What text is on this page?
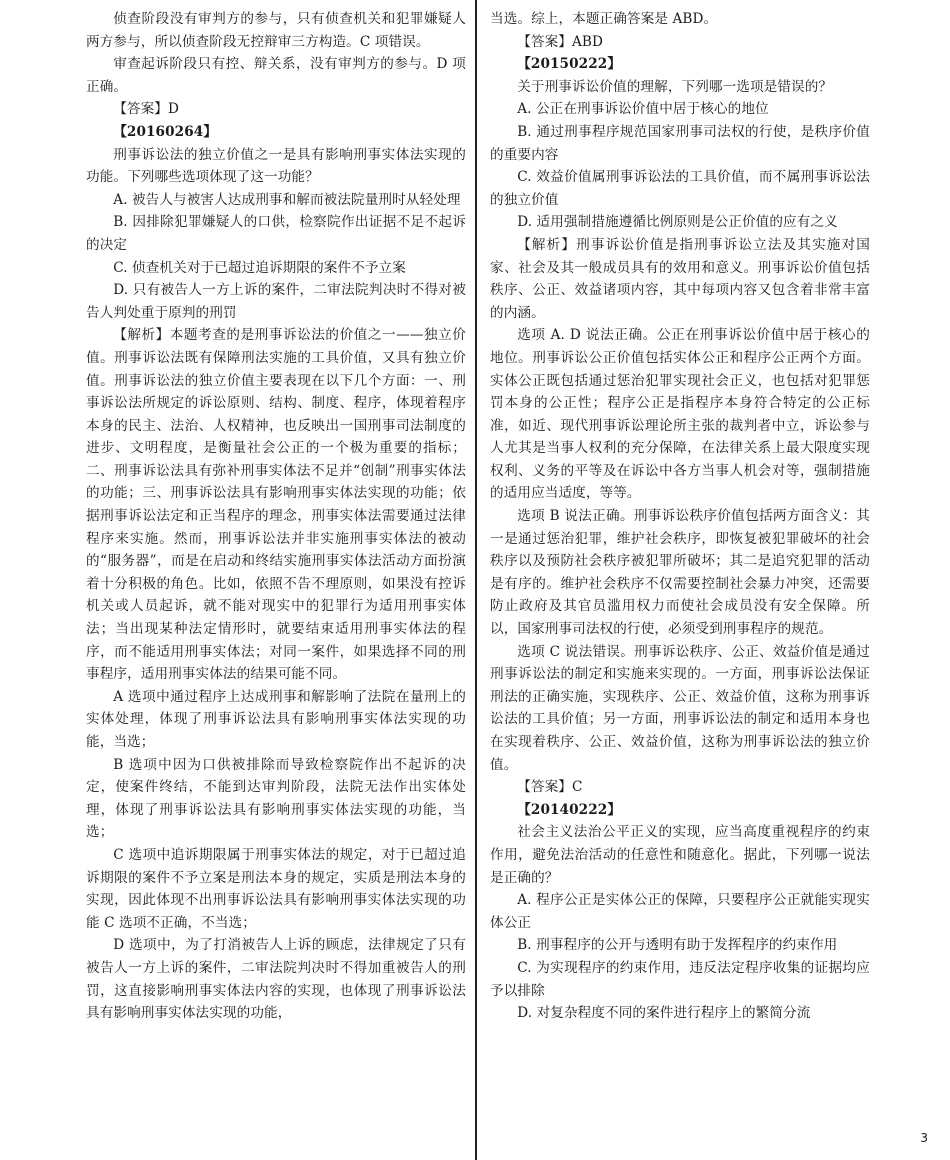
侦查阶段没有审判方的参与，只有侦查机关和犯罪嫌疑人两方参与，所以侦查阶段无控辩审三方构造。C 项错误。

审查起诉阶段只有控、辩关系，没有审判方的参与。D 项正确。

【答案】D

【20160264】

刑事诉讼法的独立价值之一是具有影响刑事实体法实现的功能。下列哪些选项体现了这一功能？

A. 被告人与被害人达成刑事和解而被法院量刑时从轻处理

B. 因排除犯罪嫌疑人的口供，检察院作出证据不足不起诉的决定

C. 侦查机关对于已超过追诉期限的案件不予立案

D. 只有被告人一方上诉的案件，二审法院判决时不得对被告人判处重于原判的刑罚

【解析】本题考查的是刑事诉讼法的价值之一——独立价值。刑事诉讼法既有保障刑法实施的工具价值，又具有独立价值。刑事诉讼法的独立价值主要表现在以下几个方面：一、刑事诉讼法所规定的诉讼原则、结构、制度、程序，体现着程序本身的民主、法治、人权精神，也反映出一国刑事司法制度的进步、文明程度，是衡量社会公正的一个极为重要的指标；二、刑事诉讼法具有弥补刑事实体法不足并“创制”刑事实体法的功能；三、刑事诉讼法具有影响刑事实体法实现的功能；依据刑事诉讼法定和正当程序的理念，刑事实体法需要通过法律程序来实施。然而，刑事诉讼法并非实施刑事实体法的被动的“服务器”，而是在启动和终结实施刑事实体法活动方面扮演着十分积极的角色。比如，依照不告不理原则，如果没有控诉机关或人员起诉，就不能对现实中的犯罪行为适用刑事实体法；当出现某种法定情形时，就要结束适用刑事实体法的程序，而不能适用刑事实体法；对同一案件，如果选择不同的刑事程序，适用刑事实体法的结果可能不同。

A 选项中通过程序上达成刑事和解影响了法院在量刑上的实体处理，体现了刑事诉讼法具有影响刑事实体法实现的功能，当选；

B 选项中因为口供被排除而导致检察院作出不起诉的决定，使案件终结，不能到达审判阶段，法院无法作出实体处理，体现了刑事诉讼法具有影响刑事实体法实现的功能，当选；

C 选项中追诉期限属于刑事实体法的规定，对于已超过追诉期限的案件不予立案是刑法本身的规定，实质是刑法本身的实现，因此体现不出刑事诉讼法具有影响刑事实体法实现的功能 C 选项不正确，不当选；

D 选项中，为了打消被告人上诉的顾虑，法律规定了只有被告人一方上诉的案件，二审法院判决时不得加重被告人的刑罚，这直接影响刑事实体法内容的实现，也体现了刑事诉讼法具有影响刑事实体法实现的功能，

当选。综上，本题正确答案是 ABD。

【答案】ABD

【20150222】

关于刑事诉讼价值的理解，下列哪一选项是错误的？

A. 公正在刑事诉讼价值中居于核心的地位

B. 通过刑事程序规范国家刑事司法权的行使，是秩序价值的重要内容

C. 效益价值属刑事诉讼法的工具价值，而不属刑事诉讼法的独立价值

D. 适用强制措施遵循比例原则是公正价值的应有之义

【解析】刑事诉讼价值是指刑事诉讼立法及其实施对国家、社会及其一般成员具有的效用和意义。刑事诉讼价值包括秩序、公正、效益诸项内容，其中每项内容又包含着非常丰富的内涵。

选项 A. D 说法正确。公正在刑事诉讼价值中居于核心的地位。刑事诉讼公正价值包括实体公正和程序公正两个方面。实体公正既包括通过惩治犯罪实现社会正义，也包括对犯罪惩罚本身的公正性；程序公正是指程序本身符合特定的公正标准，如近、现代刑事诉讼理论所主张的裁判者中立，诉讼参与人尤其是当事人权利的充分保障，在法律关系上最大限度实现权利、义务的平等及在诉讼中各方当事人机会对等，强制措施的适用应当适度，等等。

选项 B 说法正确。刑事诉讼秩序价值包括两方面含义：其一是通过惩治犯罪，维护社会秩序，即恢复被犯罪破坏的社会秩序以及预防社会秩序被犯罪所破坏；其二是追究犯罪的活动是有序的。维护社会秩序不仅需要控制社会暴力冲突，还需要防止政府及其官员滥用权力而使社会成员没有安全保障。所以，国家刑事司法权的行使，必须受到刑事程序的规范。

选项 C 说法错误。刑事诉讼秩序、公正、效益价值是通过刑事诉讼法的制定和实施来实现的。一方面，刑事诉讼法保证刑法的正确实施，实现秩序、公正、效益价值，这称为刑事诉讼法的工具价值；另一方面，刑事诉讼法的制定和适用本身也在实现着秩序、公正、效益价值，这称为刑事诉讼法的独立价值。

【答案】C

【20140222】

社会主义法治公平正义的实现，应当高度重视程序的约束作用，避免法治活动的任意性和随意化。据此，下列哪一说法是正确的？

A. 程序公正是实体公正的保障，只要程序公正就能实现实体公正

B. 刑事程序的公开与透明有助于发挥程序的约束作用

C. 为实现程序的约束作用，违反法定程序收集的证据均应予以排除

D. 对复杂程度不同的案件进行程序上的繁简分流

3
